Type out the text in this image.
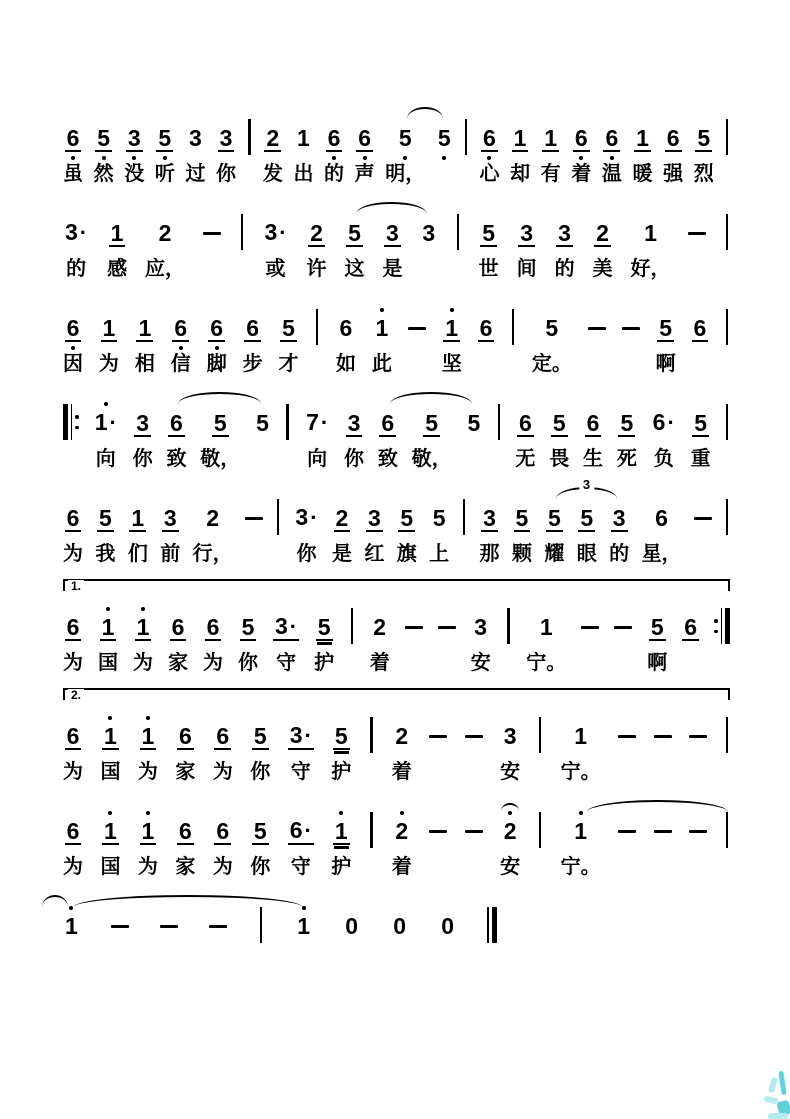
6
虽
5
然
3
没
5
听
3
过
3
你

2
发
1
出
6
的
6
声
5
明，
5

6
心
1
却
1
有
6
着
6
温
1
暖
6
强
5
烈

3 ·
的
1
感
2
应，

3 ·
或
2
许
5
这
3
是
3

5
世
3
间
3
的
2
美
1
好，

6
因
1
为
1
相
6
信
6
脚
6
步
5
才

6
如
1
此

1
坚
6

5
定。

5
啊
6

1 ·
向
3
你
6
致
5
敬，
5

7 ·
向
3
你
6
致
5
敬，
5

6
无
5
畏
6
生
5
死
6 ·
负
5
重

6
为
5
我
1
们
3
前
2
行，

3 ·
你
2
是
3
红
5
旗
5
上

3
那
5
颗
5
耀
5
眼
3
的
6
星，

3
1.
6
为
1
国
1
为
6
家
6
为
5
你
3 ·
守
5
护

2
着

3
安

1
宁。

5
啊
6

2.
6
为
1
国
1
为
6
家
6
为
5
你
3 ·
守
5
护

2
着

3
安

1
宁。

6
为
1
国
1
为
6
家
6
为
5
你
6 ·
守
1
护

2
着

2
安

1
宁。

1

	1
0
0
0
